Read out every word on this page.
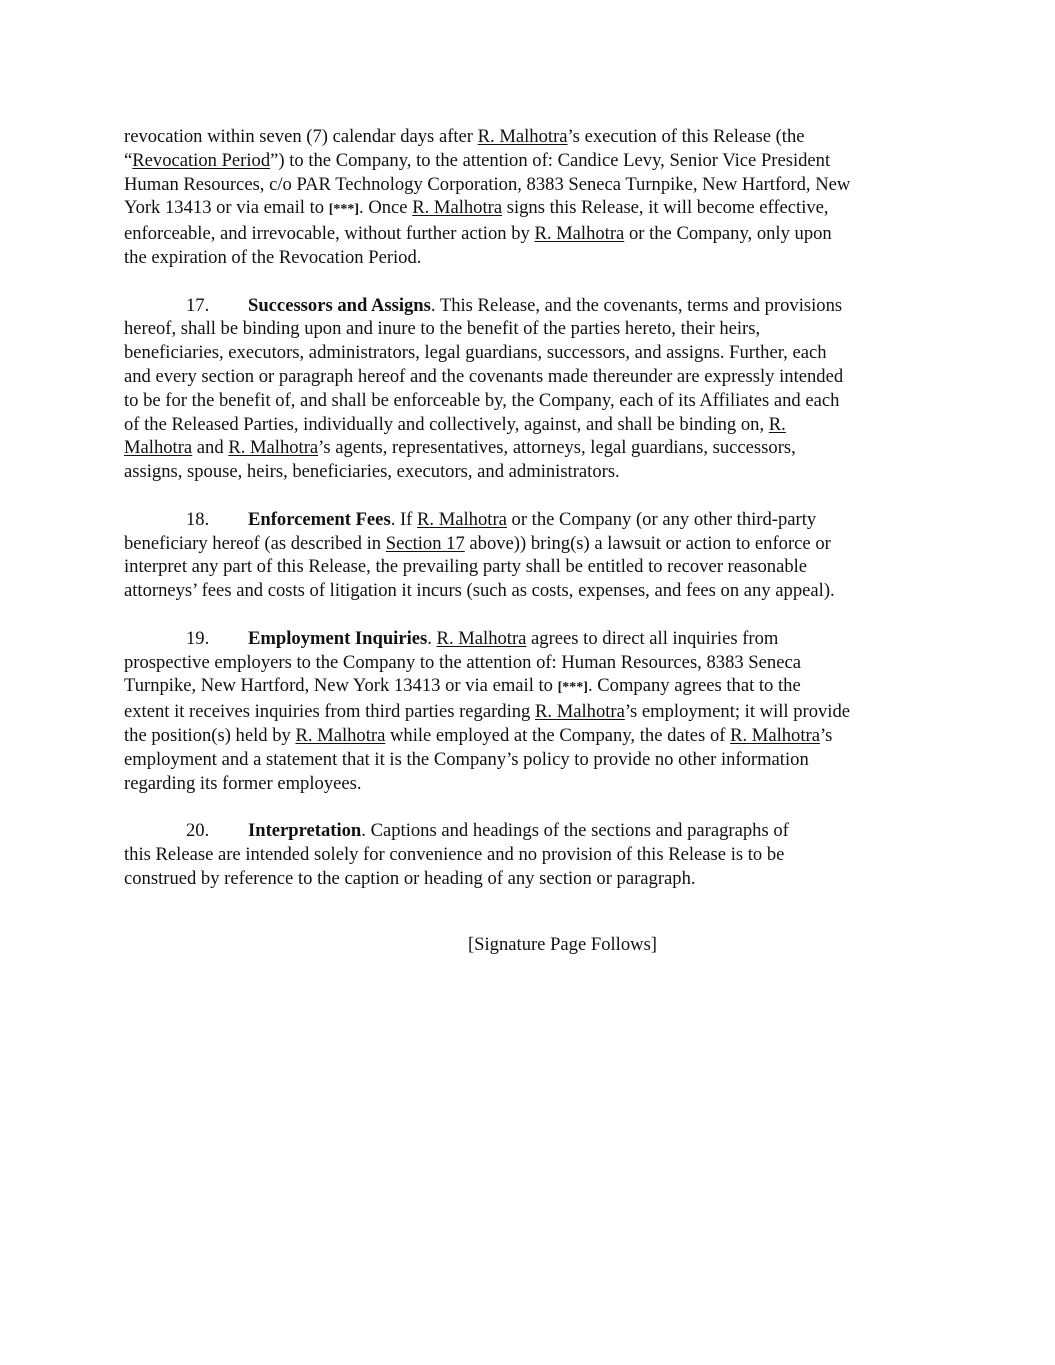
revocation within seven (7) calendar days after R. Malhotra’s execution of this Release (the
“Revocation Period”) to the Company, to the attention of: Candice Levy, Senior Vice President
Human Resources, c/o PAR Technology Corporation, 8383 Seneca Turnpike, New Hartford, New
York 13413 or via email to [***]. Once R. Malhotra signs this Release, it will become effective,
enforceable, and irrevocable, without further action by R. Malhotra or the Company, only upon
the expiration of the Revocation Period.

17. Successors and Assigns. This Release, and the covenants, terms and provisions
hereof, shall be binding upon and inure to the benefit of the parties hereto, their heirs,
beneficiaries, executors, administrators, legal guardians, successors, and assigns. Further, each
and every section or paragraph hereof and the covenants made thereunder are expressly intended
to be for the benefit of, and shall be enforceable by, the Company, each of its Affiliates and each
of the Released Parties, individually and collectively, against, and shall be binding on, R.
Malhotra and R. Malhotra’s agents, representatives, attorneys, legal guardians, successors,
assigns, spouse, heirs, beneficiaries, executors, and administrators.

18. Enforcement Fees. If R. Malhotra or the Company (or any other third-party
beneficiary hereof (as described in Section 17 above)) bring(s) a lawsuit or action to enforce or
interpret any part of this Release, the prevailing party shall be entitled to recover reasonable
attorneys’ fees and costs of litigation it incurs (such as costs, expenses, and fees on any appeal).

19. Employment Inquiries. R. Malhotra agrees to direct all inquiries from
prospective employers to the Company to the attention of: Human Resources, 8383 Seneca
Turnpike, New Hartford, New York 13413 or via email to [***]. Company agrees that to the
extent it receives inquiries from third parties regarding R. Malhotra’s employment; it will provide
the position(s) held by R. Malhotra while employed at the Company, the dates of R. Malhotra’s
employment and a statement that it is the Company’s policy to provide no other information
regarding its former employees.

20. Interpretation. Captions and headings of the sections and paragraphs of
this Release are intended solely for convenience and no provision of this Release is to be
construed by reference to the caption or heading of any section or paragraph.

[Signature Page Follows]
